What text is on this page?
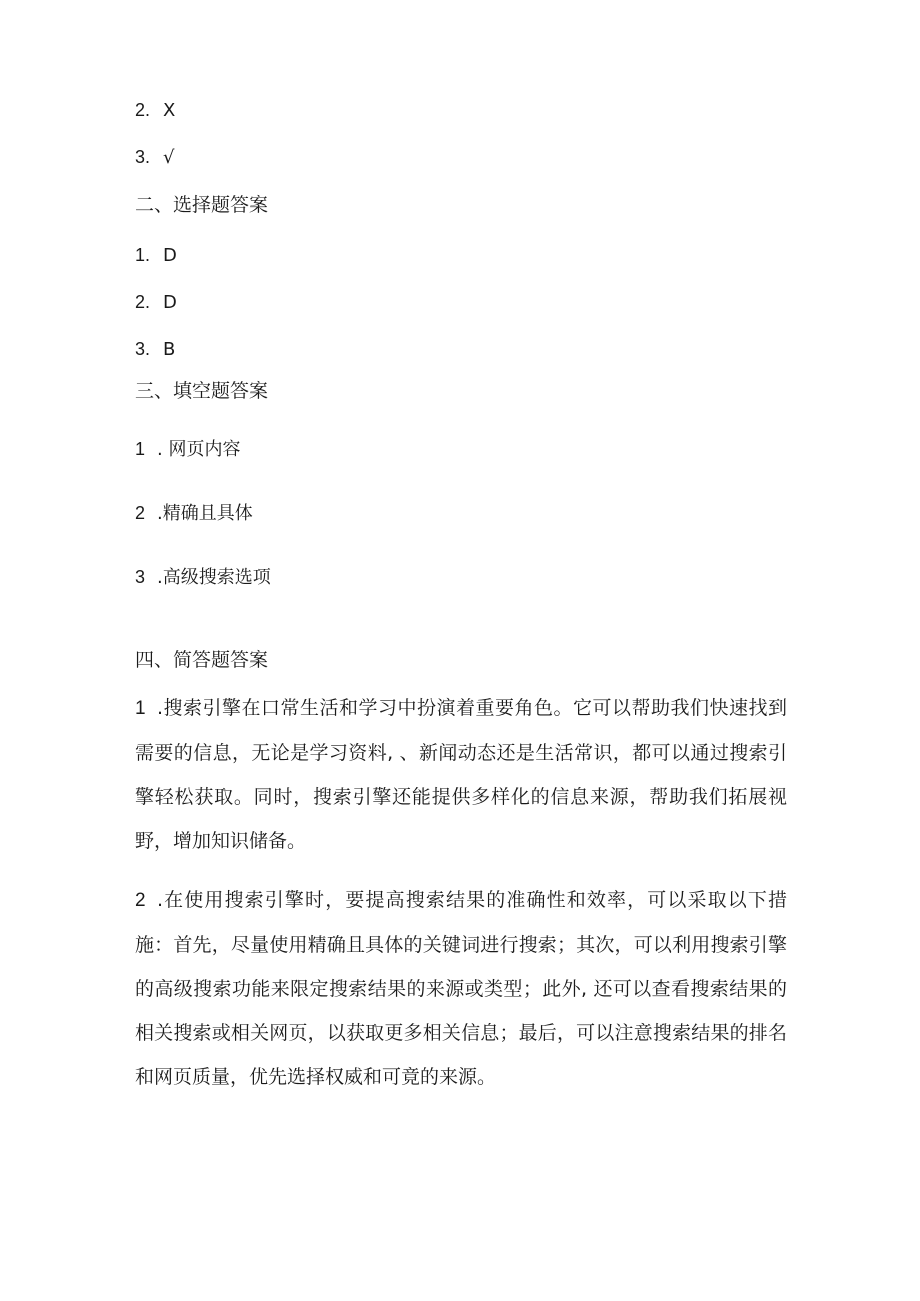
2. X
3. √
二、选择题答案
1. D
2. D
3. B
三、填空题答案
1 . 网页内容
2 .精确且具体
3 .高级搜索选项
四、简答题答案
1 .搜索引擎在口常生活和学习中扮演着重要角色。它可以帮助我们快速找到需要的信息，无论是学习资料, 、新闻动态还是生活常识，都可以通过搜索引擎轻松获取。同时，搜索引擎还能提供多样化的信息来源，帮助我们拓展视野，增加知识储备。
2 .在使用搜索引擎时，要提高搜索结果的准确性和效率，可以采取以下措施：首先，尽量使用精确且具体的关键词进行搜索；其次，可以利用搜索引擎的高级搜索功能来限定搜索结果的来源或类型；此外, 还可以查看搜索结果的相关搜索或相关网页，以获取更多相关信息；最后，可以注意搜索结果的排名和网页质量，优先选择权威和可竟的来源。
